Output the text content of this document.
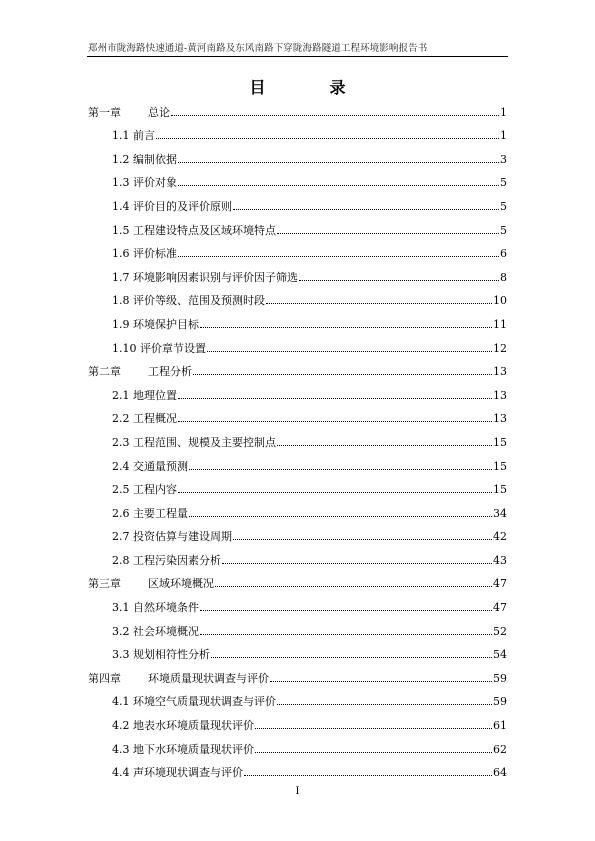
郑州市陇海路快速通道-黄河南路及东风南路下穿陇海路隧道工程环境影响报告书
目　录
第一章 总论	1
1.1 前言	1
1.2 编制依据	3
1.3 评价对象	5
1.4 评价目的及评价原则	5
1.5 工程建设特点及区域环境特点	5
1.6 评价标准	6
1.7 环境影响因素识别与评价因子筛选	8
1.8 评价等级、范围及预测时段	10
1.9 环境保护目标	11
1.10 评价章节设置	12
第二章 工程分析	13
2.1 地理位置	13
2.2 工程概况	13
2.3 工程范围、规模及主要控制点	15
2.4 交通量预测	15
2.5 工程内容	15
2.6 主要工程量	34
2.7 投资估算与建设周期	42
2.8 工程污染因素分析	43
第三章 区域环境概况	47
3.1 自然环境条件	47
3.2 社会环境概况	52
3.3 规划相符性分析	54
第四章 环境质量现状调查与评价	59
4.1 环境空气质量现状调查与评价	59
4.2 地表水环境质量现状评价	61
4.3 地下水环境质量现状评价	62
4.4 声环境现状调查与评价	64
I
